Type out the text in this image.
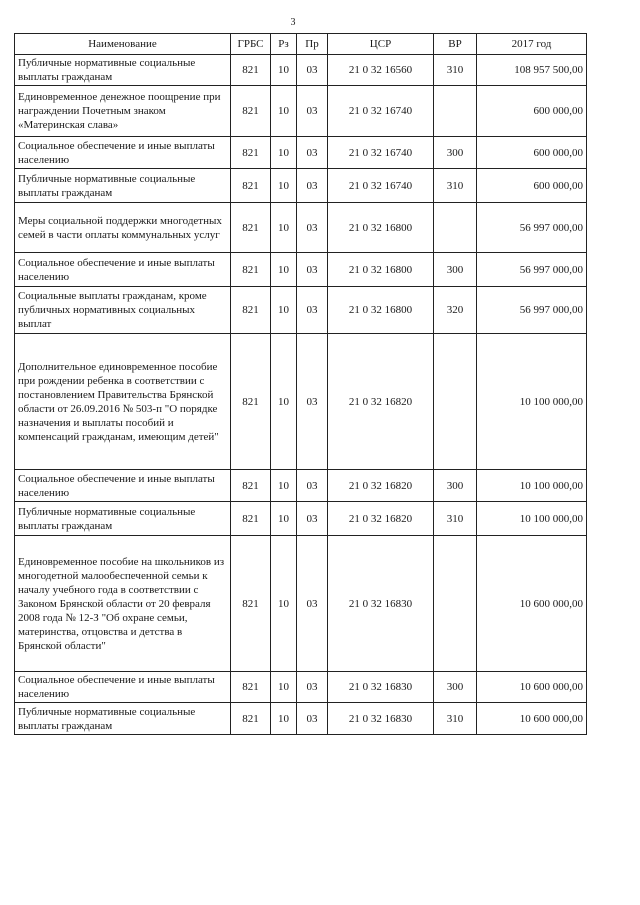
3
Наименование	ГРБС	Рз	Пр	ЦСР	ВР	2017 год
Публичные нормативные социальные выплаты гражданам	821	10	03	21 0 32 16560	310	108 957 500,00
Единовременное денежное поощрение при награждении Почетным знаком «Материнская слава»	821	10	03	21 0 32 16740		600 000,00
Социальное обеспечение и иные выплаты населению	821	10	03	21 0 32 16740	300	600 000,00
Публичные нормативные социальные выплаты гражданам	821	10	03	21 0 32 16740	310	600 000,00
Меры социальной поддержки многодетных семей в части оплаты коммунальных услуг	821	10	03	21 0 32 16800		56 997 000,00
Социальное обеспечение и иные выплаты населению	821	10	03	21 0 32 16800	300	56 997 000,00
Социальные выплаты гражданам, кроме публичных нормативных социальных выплат	821	10	03	21 0 32 16800	320	56 997 000,00
Дополнительное единовременное пособие при рождении ребенка в соответствии с постановлением Правительства Брянской области от 26.09.2016 № 503-п "О порядке назначения и выплаты пособий и компенсаций гражданам, имеющим детей"	821	10	03	21 0 32 16820		10 100 000,00
Социальное обеспечение и иные выплаты населению	821	10	03	21 0 32 16820	300	10 100 000,00
Публичные нормативные социальные выплаты гражданам	821	10	03	21 0 32 16820	310	10 100 000,00
Единовременное пособие на школьников из многодетной малообеспеченной семьи к началу учебного года в соответствии с Законом Брянской области от 20 февраля 2008 года № 12-З "Об охране семьи, материнства, отцовства и детства в Брянской области"	821	10	03	21 0 32 16830		10 600 000,00
Социальное обеспечение и иные выплаты населению	821	10	03	21 0 32 16830	300	10 600 000,00
Публичные нормативные социальные выплаты гражданам	821	10	03	21 0 32 16830	310	10 600 000,00
